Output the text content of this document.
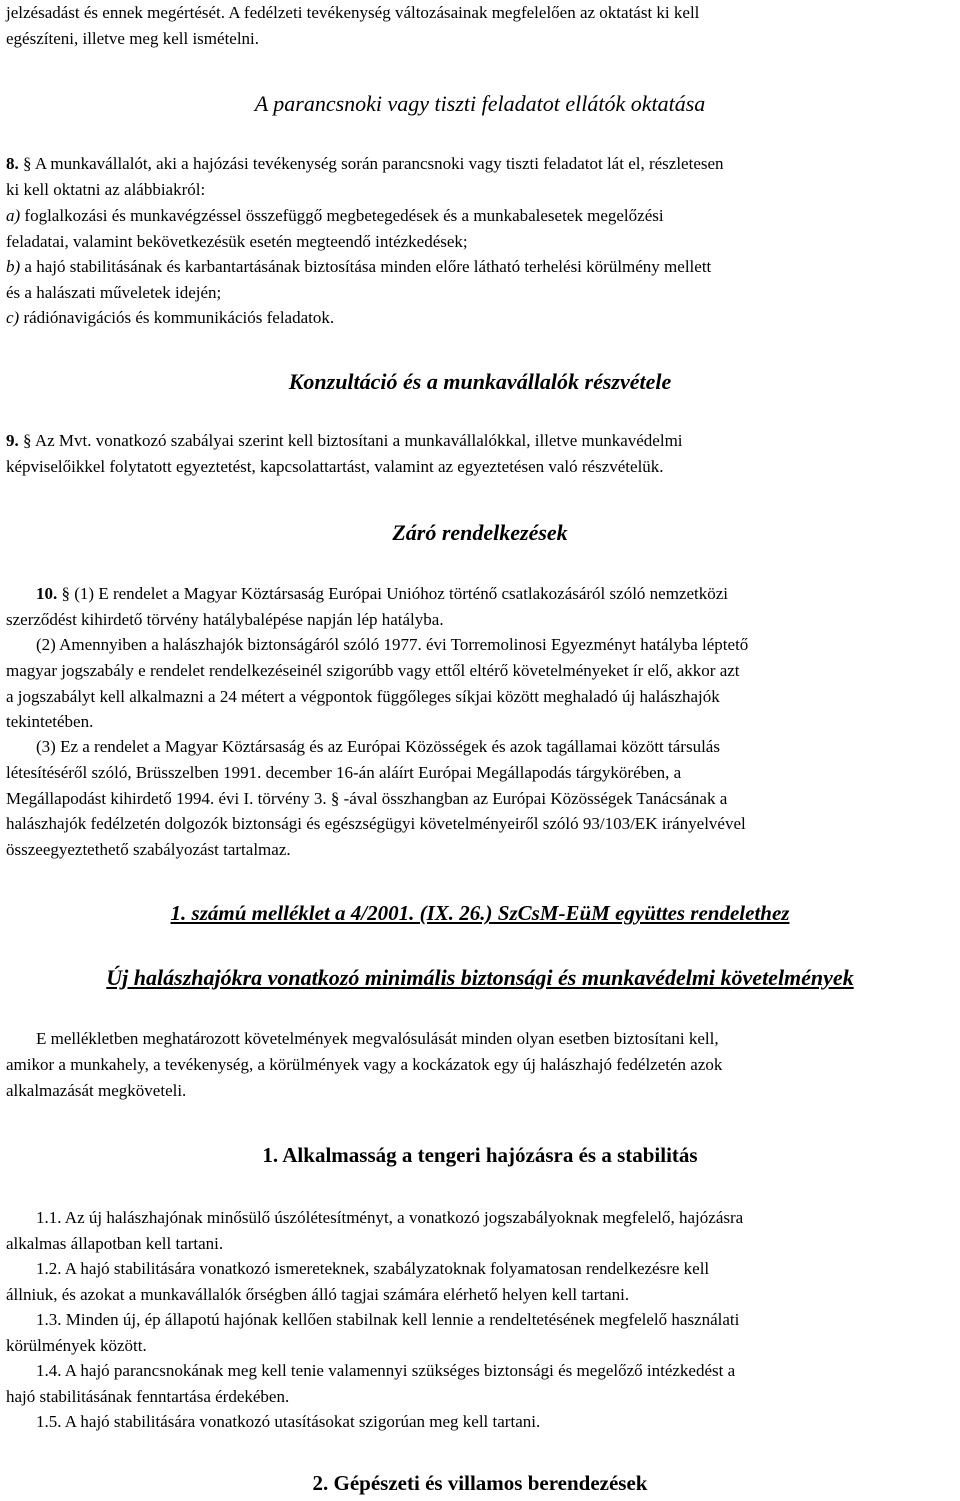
jelzésadást és ennek megértését. A fedélzeti tevékenység változásainak megfelelően az oktatást ki kell
egészíteni, illetve meg kell ismételni.
A parancsnoki vagy tiszti feladatot ellátók oktatása
8. § A munkavállalót, aki a hajózási tevékenység során parancsnoki vagy tiszti feladatot lát el, részletesen
ki kell oktatni az alábbiakról:
a) foglalkozási és munkavégzéssel összefüggő megbetegedések és a munkabalesetek megelőzési
feladatai, valamint bekövetkezésük esetén megteendő intézkedések;
b) a hajó stabilitásának és karbantartásának biztosítása minden előre látható terhelési körülmény mellett
és a halászati műveletek idején;
c) rádiónavigációs és kommunikációs feladatok.
Konzultáció és a munkavállalók részvétele
9. § Az Mvt. vonatkozó szabályai szerint kell biztosítani a munkavállalókkal, illetve munkavédelmi
képviselőikkel folytatott egyeztetést, kapcsolattartást, valamint az egyeztetésen való részvételük.
Záró rendelkezések
10. § (1) E rendelet a Magyar Köztársaság Európai Unióhoz történő csatlakozásáról szóló nemzetközi
szerződést kihirdető törvény hatálybalépése napján lép hatályba.
(2) Amennyiben a halászhajók biztonságáról szóló 1977. évi Torremolinosi Egyezményt hatályba léptető
magyar jogszabály e rendelet rendelkezéseinél szigorúbb vagy ettől eltérő követelményeket ír elő, akkor azt
a jogszabályt kell alkalmazni a 24 métert a végpontok függőleges síkjai között meghaladó új halászhajók
tekintetében.
(3) Ez a rendelet a Magyar Köztársaság és az Európai Közösségek és azok tagállamai között társulás
létesítéséről szóló, Brüsszelben 1991. december 16-án aláírt Európai Megállapodás tárgykörében, a
Megállapodást kihirdető 1994. évi I. törvény 3. § -ával összhangban az Európai Közösségek Tanácsának a
halászhajók fedélzetén dolgozók biztonsági és egészségügyi követelményeiről szóló 93/103/EK irányelvével
összeegyeztethető szabályozást tartalmaz.
1. számú melléklet a 4/2001. (IX. 26.) SzCsM-EüM együttes rendelethez
Új halászhajókra vonatkozó minimális biztonsági és munkavédelmi követelmények
E mellékletben meghatározott követelmények megvalósulását minden olyan esetben biztosítani kell,
amikor a munkahely, a tevékenység, a körülmények vagy a kockázatok egy új halászhajó fedélzetén azok
alkalmazását megköveteli.
1. Alkalmasság a tengeri hajózásra és a stabilitás
1.1. Az új halászhajónak minősülő úszólétesítményt, a vonatkozó jogszabályoknak megfelelő, hajózásra
alkalmas állapotban kell tartani.
1.2. A hajó stabilitására vonatkozó ismereteknek, szabályzatoknak folyamatosan rendelkezésre kell
állniuk, és azokat a munkavállalók őrségben álló tagjai számára elérhető helyen kell tartani.
1.3. Minden új, ép állapotú hajónak kellően stabilnak kell lennie a rendeltetésének megfelelő használati
körülmények között.
1.4. A hajó parancsnokának meg kell tenie valamennyi szükséges biztonsági és megelőző intézkedést a
hajó stabilitásának fenntartása érdekében.
1.5. A hajó stabilitására vonatkozó utasításokat szigorúan meg kell tartani.
2. Gépészeti és villamos berendezések
